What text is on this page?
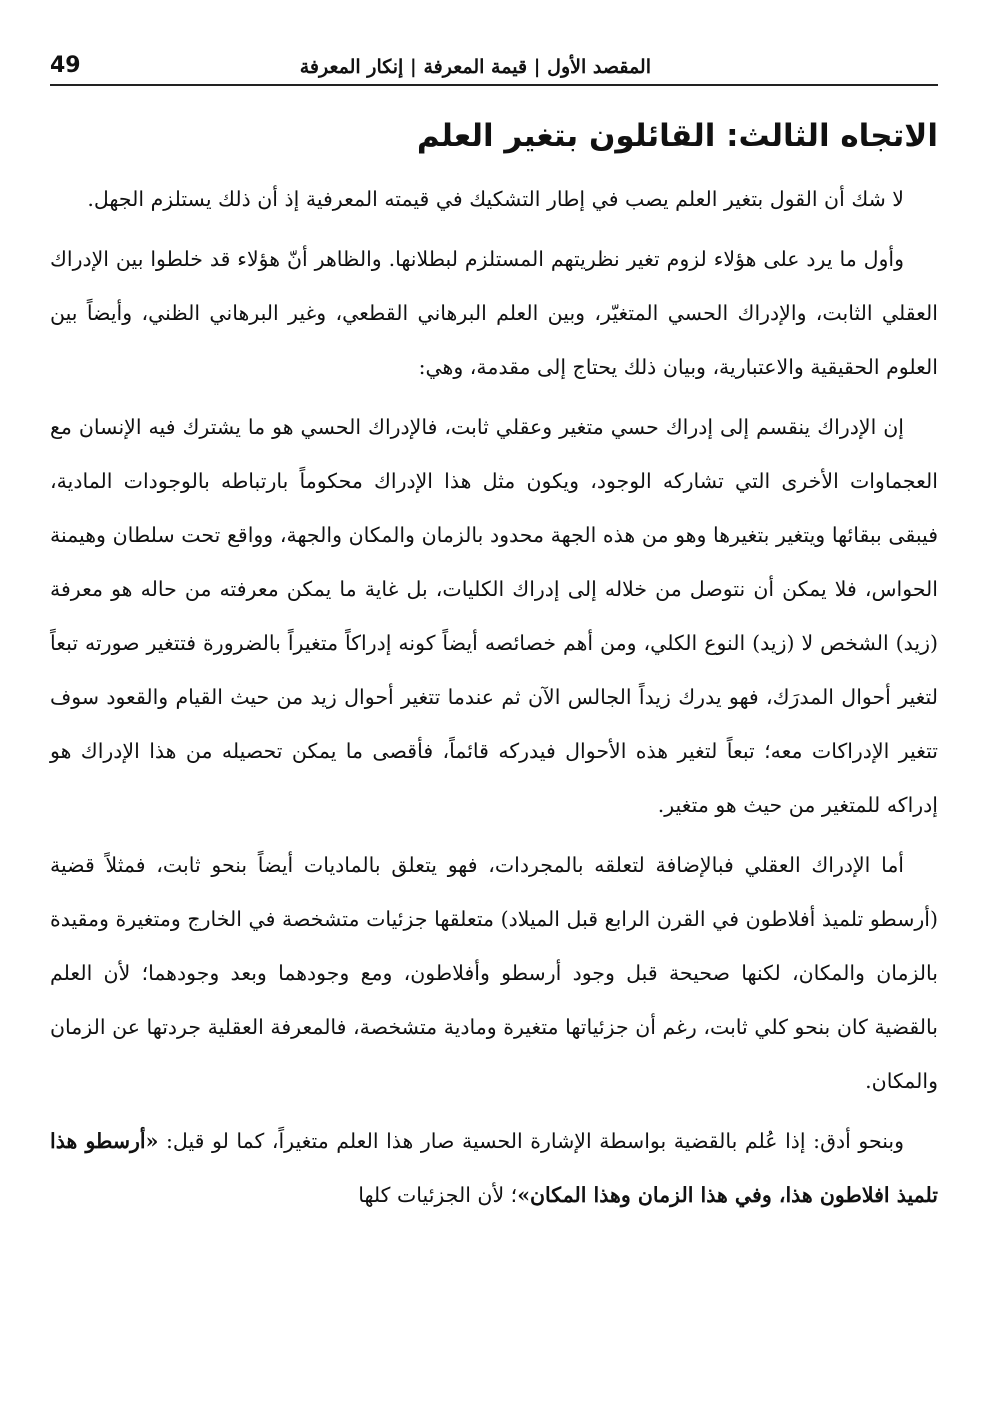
المقصد الأول | قيمة المعرفة | إنكار المعرفة
49
الاتجاه الثالث: القائلون بتغير العلم

لا شك أن القول بتغير العلم يصب في إطار التشكيك في قيمته المعرفية إذ أن ذلك يستلزم الجهل.

وأول ما يرد على هؤلاء لزوم تغير نظريتهم المستلزم لبطلانها. والظاهر أنّ هؤلاء قد خلطوا بين الإدراك العقلي الثابت، والإدراك الحسي المتغيّر، وبين العلم البرهاني القطعي، وغير البرهاني الظني، وأيضاً بين العلوم الحقيقية والاعتبارية، وبيان ذلك يحتاج إلى مقدمة، وهي:

إن الإدراك ينقسم إلى إدراك حسي متغير وعقلي ثابت، فالإدراك الحسي هو ما يشترك فيه الإنسان مع العجماوات الأخرى التي تشاركه الوجود، ويكون مثل هذا الإدراك محكوماً بارتباطه بالوجودات المادية، فيبقى ببقائها ويتغير بتغيرها وهو من هذه الجهة محدود بالزمان والمكان والجهة، وواقع تحت سلطان وهيمنة الحواس، فلا يمكن أن نتوصل من خلاله إلى إدراك الكليات، بل غاية ما يمكن معرفته من حاله هو معرفة (زيد) الشخص لا (زيد) النوع الكلي، ومن أهم خصائصه أيضاً كونه إدراكاً متغيراً بالضرورة فتتغير صورته تبعاً لتغير أحوال المدرَك، فهو يدرك زيداً الجالس الآن ثم عندما تتغير أحوال زيد من حيث القيام والقعود سوف تتغير الإدراكات معه؛ تبعاً لتغير هذه الأحوال فيدركه قائماً، فأقصى ما يمكن تحصيله من هذا الإدراك هو إدراكه للمتغير من حيث هو متغير.

أما الإدراك العقلي فبالإضافة لتعلقه بالمجردات، فهو يتعلق بالماديات أيضاً بنحو ثابت، فمثلاً قضية (أرسطو تلميذ أفلاطون في القرن الرابع قبل الميلاد) متعلقها جزئيات متشخصة في الخارج ومتغيرة ومقيدة بالزمان والمكان، لكنها صحيحة قبل وجود أرسطو وأفلاطون، ومع وجودهما وبعد وجودهما؛ لأن العلم بالقضية كان بنحو كلي ثابت، رغم أن جزئياتها متغيرة ومادية متشخصة، فالمعرفة العقلية جردتها عن الزمان والمكان.

وبنحو أدق: إذا عُلم بالقضية بواسطة الإشارة الحسية صار هذا العلم متغيراً، كما لو قيل: «أرسطو هذا تلميذ افلاطون هذا، وفي هذا الزمان وهذا المكان»؛ لأن الجزئيات كلها
